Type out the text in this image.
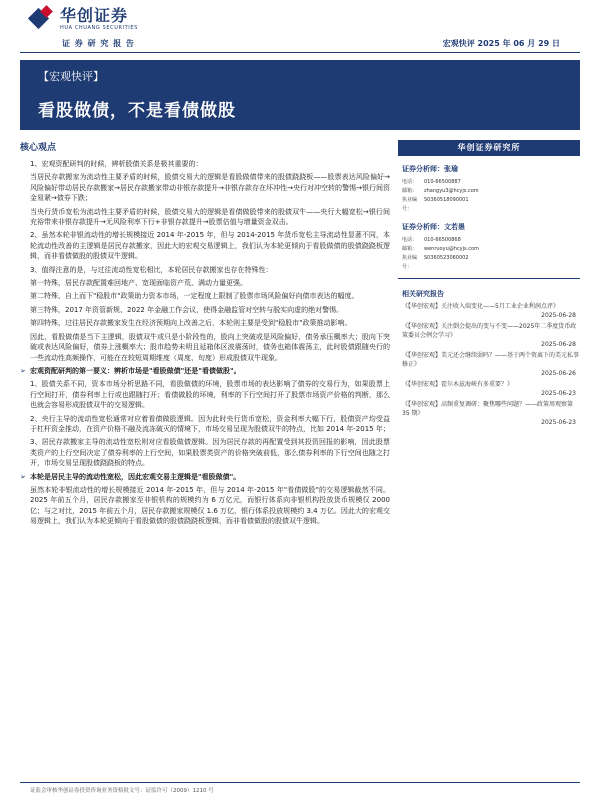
华创证券
HUA CHUANG SECURITIES
证 券 研 究 报 告	宏观快评 2025 年 06 月 29 日
【宏观快评】
看股做债，不是看债做股
核心观点

1、宏观资配研判的时候，辨析股债关系是极其重要的：

当居民存款搬家为流动性主要矛盾的时候，股债交易大的逻辑是看股做债带来的股债跷跷板——股票表达风险偏好→风险偏好带动居民存款搬家→居民存款搬家带动非银存款提升→非银存款存在坏冲性→央行对冲空转的警惕→银行间资金易紧→债券下跌；

当央行货币宽松为流动性主要矛盾的时候，股债交易大的逻辑是看债做股带来的股债双牛——央行大幅宽松→银行间充裕带来非银存款提升→无风险利率下行+非银存款提升→股票估值与增量资金双击。

2、虽然本轮非银流动性的增长规模接近 2014 年-2015 年，但与 2014-2015 年货币宽松主导流动性显著不同，本轮流动性改善的主逻辑是居民存款搬家，因此大的宏观交易逻辑上，我们认为本轮更倾向于看股做债的股债跷跷板逻辑，而非看债做股的股债双牛逻辑。

3、值得注意的是，与过往流动性宽松相比，本轮居民存款搬家也存在特殊性：

第一特殊，居民存款配置难回地产、宽现面临资产荒、满动力量更强。

第二特殊，自上而下"稳股市"政策助力资本市场，一定程度上限制了股票市场风险偏好向债市表达的幅度。

第三特殊，2017 年资管新规、2022 年金融工作会议，使得金融监管对空转与脱实向虚的绝对警惕。

第四特殊，过往居民存款搬家发生在经济预期向上改善之后，本轮则主要是受到"稳股市"政策推动影响。

因此，看股做债是当下主逻辑，股债双牛或只是小阶段性的，股向上突破或是风险偏好，债务承压概率大；股向下突破或表达风险偏好，债券上涨概率大；股市趋势未明且延箱体区波震荡时，债务也箱体震荡主，此时股债跟随央行的一些流动性高频操作，可能在在较短周期维度（周度、旬度）形成股债双牛现象。

➢ 宏观资配研判的第一要义：辨析市场是"看股做债"还是"看债做股"。

1、股债关系不同，资本市场分析思路不同，看股做债的环境，股票市场的表达影响了债券的交易行为，如果股票上行空间打开，债券利率上行或也跟随打开；看债做股的环境，利率的下行空间打开了股票市场资产价格的判断，那么也就会容易形成股债双牛的交易逻辑。

2、央行主导的流动性宽松通常对应着看债做股逻辑。因为此时央行货币宽松，资金利率大幅下行，股债资产均受益于杠杆资金推动，在资产价格不融及流冻破灭的情境下，市场交易呈现为股债双牛的特点，比如 2014 年-2015 年；

3、居民存款搬家主导的流动性宽松则对应看股做债逻辑。因为居民存款的再配置受到其投资回报的影响，因此股票类资产的上行空间决定了债券利率的上行空间，如果股票类资产的价格突破前低，那么债券利率的下行空间也随之打开，市场交易呈现股债跷跷板的特点。

➢ 本轮是居民主导的流动性宽松，因此宏观交易主逻辑是"看股做债"。

虽然本轮非银流动性的增长规模接近 2014 年-2015 年，但与 2014 年-2015 年"看债做股"的交易逻辑截然不同。2025 年前五个月，居民存款搬家至非银机构的规模约为 6 万亿元，而银行体系向非银机构投放货币规模仅 2000 亿；与之对比，2015 年前五个月，居民存款搬家规模仅 1.6 万亿，银行体系投放规模约 3.4 万亿。因此大的宏观交易逻辑上，我们认为本轮更倾向于看股做债的股债跷跷板逻辑，而非看债做股的股债双牛逻辑。

华创证券研究所
证券分析师：张瑜
电话：	010-66500887
邮箱：	zhangyu3@hcyjs.com
执业编号：
S0360518090001
证券分析师：文若愚
电话：	010-66500868
邮箱：	wenruoyu@hcyjs.com
执业编号：
S0360523060002
相关研究报告
《【华创宏观】关注收入端变化——5月工业企业利润点评》
2025-06-28
《【华创宏观】关注倒会提出的变与不变——2025年二季度货币政策委员会例会学习》
2025-06-28
《【华创宏观】美元还会继续弱吗？——基于两个资离下的美元私事修正》
2025-06-26
《【华创宏观】霍尔木兹海峡有多重要？》
2025-06-23
《【华创宏观】高频重复调研：聚焦哪些问题？——政策周观察第 35 期》
2025-06-23
证监会审核华创证券投资咨询业务资格批文号：证监许可（2009）1210 号
